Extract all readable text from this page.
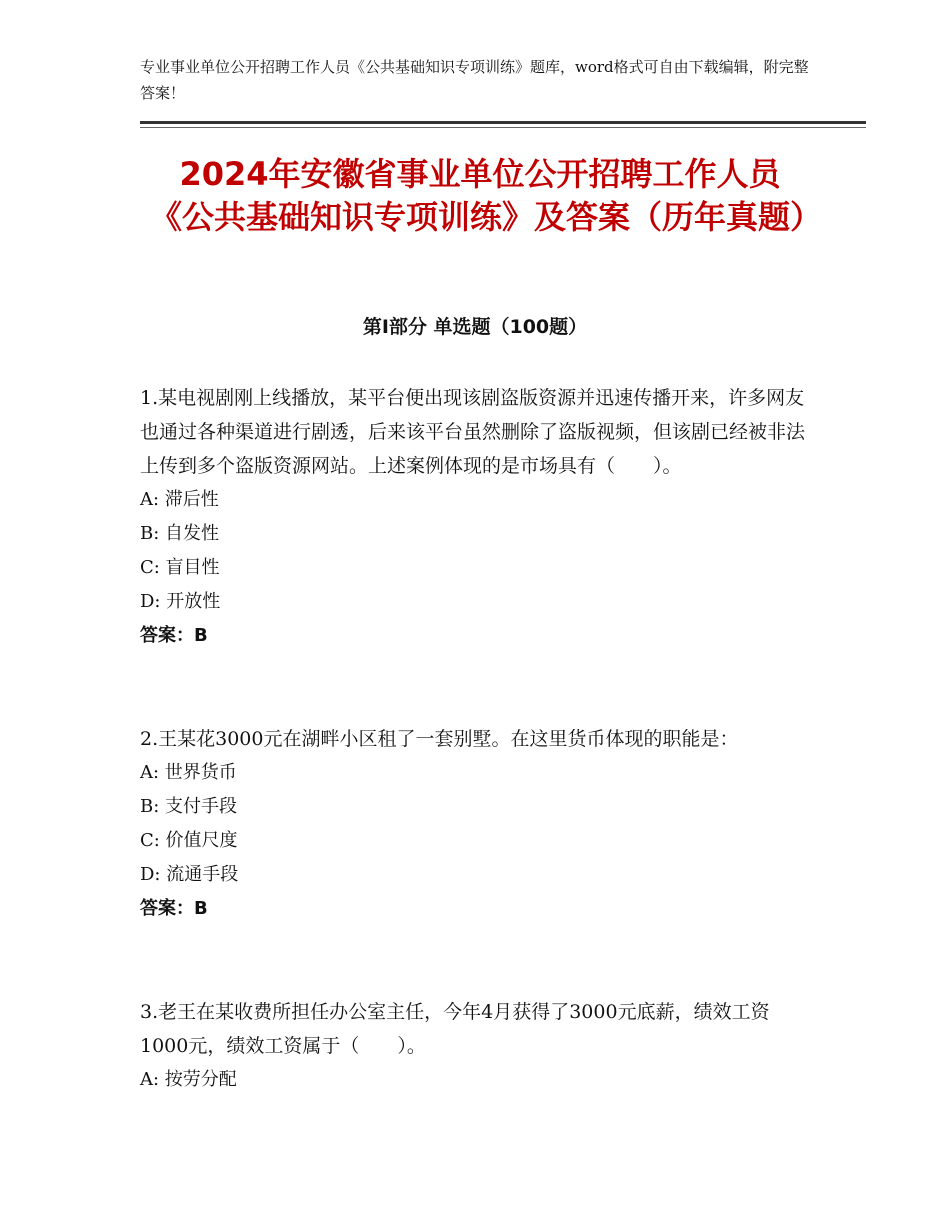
专业事业单位公开招聘工作人员《公共基础知识专项训练》题库，word格式可自由下载编辑，附完整答案！
2024年安徽省事业单位公开招聘工作人员《公共基础知识专项训练》及答案（历年真题）
第Ⅰ部分 单选题（100题）

1.某电视剧刚上线播放，某平台便出现该剧盗版资源并迅速传播开来，许多网友也通过各种渠道进行剧透，后来该平台虽然删除了盗版视频，但该剧已经被非法上传到多个盗版资源网站。上述案例体现的是市场具有（　　）。

A: 滞后性

B: 自发性

C: 盲目性

D: 开放性

答案：B

2.王某花3000元在湖畔小区租了一套别墅。在这里货币体现的职能是：

A: 世界货币

B: 支付手段

C: 价值尺度

D: 流通手段

答案：B

3.老王在某收费所担任办公室主任，今年4月获得了3000元底薪，绩效工资1000元，绩效工资属于（　　）。

A: 按劳分配
